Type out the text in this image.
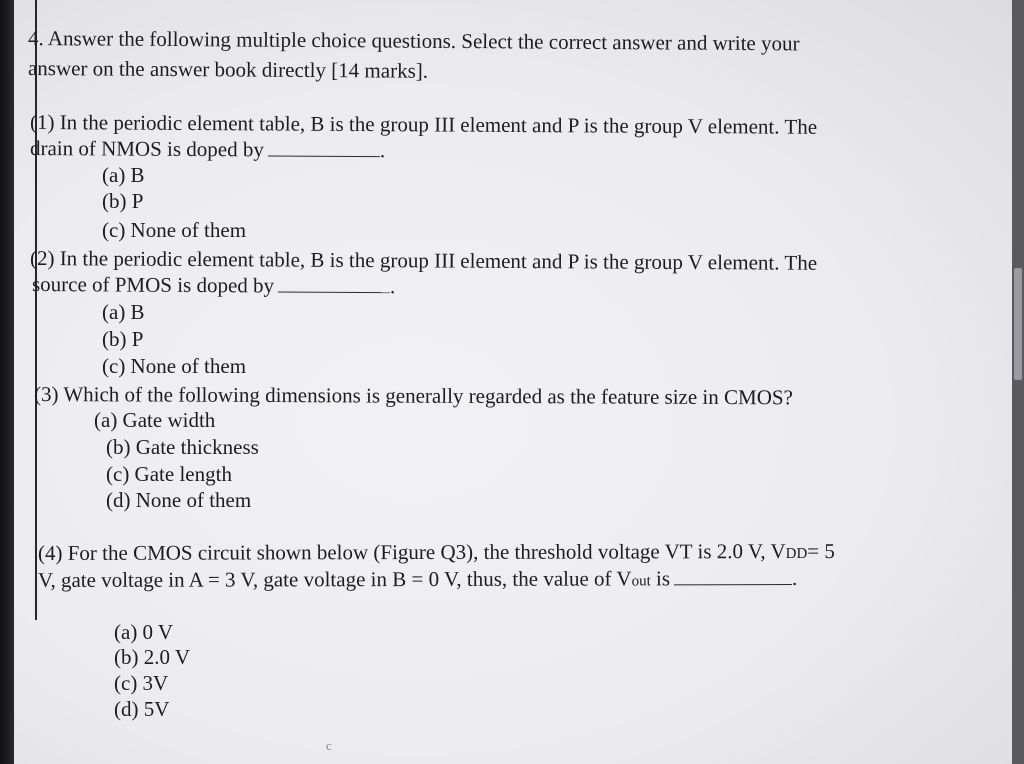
4. Answer the following multiple choice questions. Select the correct answer and write your
answer on the answer book directly [14 marks].
(1) In the periodic element table, B is the group III element and P is the group V element. The
drain of NMOS is doped by	.
(a) B
(b) P
(c) None of them
(2) In the periodic element table, B is the group III element and P is the group V element. The
source of PMOS is doped by	.
(a) B
(b) P
(c) None of them
(3) Which of the following dimensions is generally regarded as the feature size in CMOS?
(a) Gate width
(b) Gate thickness
(c) Gate length
(d) None of them
(4) For the CMOS circuit shown below (Figure Q3), the threshold voltage VT is 2.0 V, VDD= 5
V, gate voltage in A = 3 V, gate voltage in B = 0 V, thus, the value of Vout is	.
(a) 0 V
(b) 2.0 V
(c) 3V
(d) 5V
c
